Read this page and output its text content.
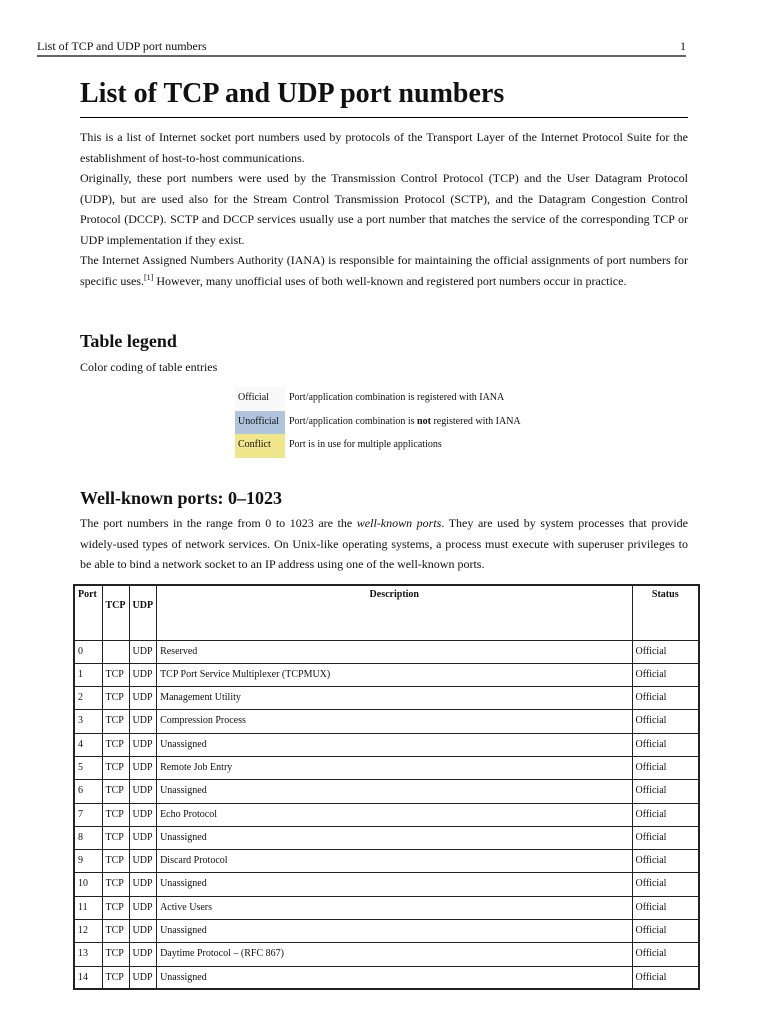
List of TCP and UDP port numbers	1
List of TCP and UDP port numbers

This is a list of Internet socket port numbers used by protocols of the Transport Layer of the Internet Protocol Suite for the establishment of host-to-host communications.

Originally, these port numbers were used by the Transmission Control Protocol (TCP) and the User Datagram Protocol (UDP), but are used also for the Stream Control Transmission Protocol (SCTP), and the Datagram Congestion Control Protocol (DCCP). SCTP and DCCP services usually use a port number that matches the service of the corresponding TCP or UDP implementation if they exist.

The Internet Assigned Numbers Authority (IANA) is responsible for maintaining the official assignments of port numbers for specific uses.[1] However, many unofficial uses of both well-known and registered port numbers occur in practice.

Table legend

Color coding of table entries

Official	Port/application combination is registered with IANA
Unofficial	Port/application combination is not registered with IANA
Conflict	Port is in use for multiple applications
Well-known ports: 0–1023

The port numbers in the range from 0 to 1023 are the well-known ports. They are used by system processes that provide widely-used types of network services. On Unix-like operating systems, a process must execute with superuser privileges to be able to bind a network socket to an IP address using one of the well-known ports.

Port	TCP	UDP	Description	Status
0		UDP	Reserved	Official
1	TCP	UDP	TCP Port Service Multiplexer (TCPMUX)	Official
2	TCP	UDP	Management Utility	Official
3	TCP	UDP	Compression Process	Official
4	TCP	UDP	Unassigned	Official
5	TCP	UDP	Remote Job Entry	Official
6	TCP	UDP	Unassigned	Official
7	TCP	UDP	Echo Protocol	Official
8	TCP	UDP	Unassigned	Official
9	TCP	UDP	Discard Protocol	Official
10	TCP	UDP	Unassigned	Official
11	TCP	UDP	Active Users	Official
12	TCP	UDP	Unassigned	Official
13	TCP	UDP	Daytime Protocol – (RFC 867)	Official
14	TCP	UDP	Unassigned	Official
